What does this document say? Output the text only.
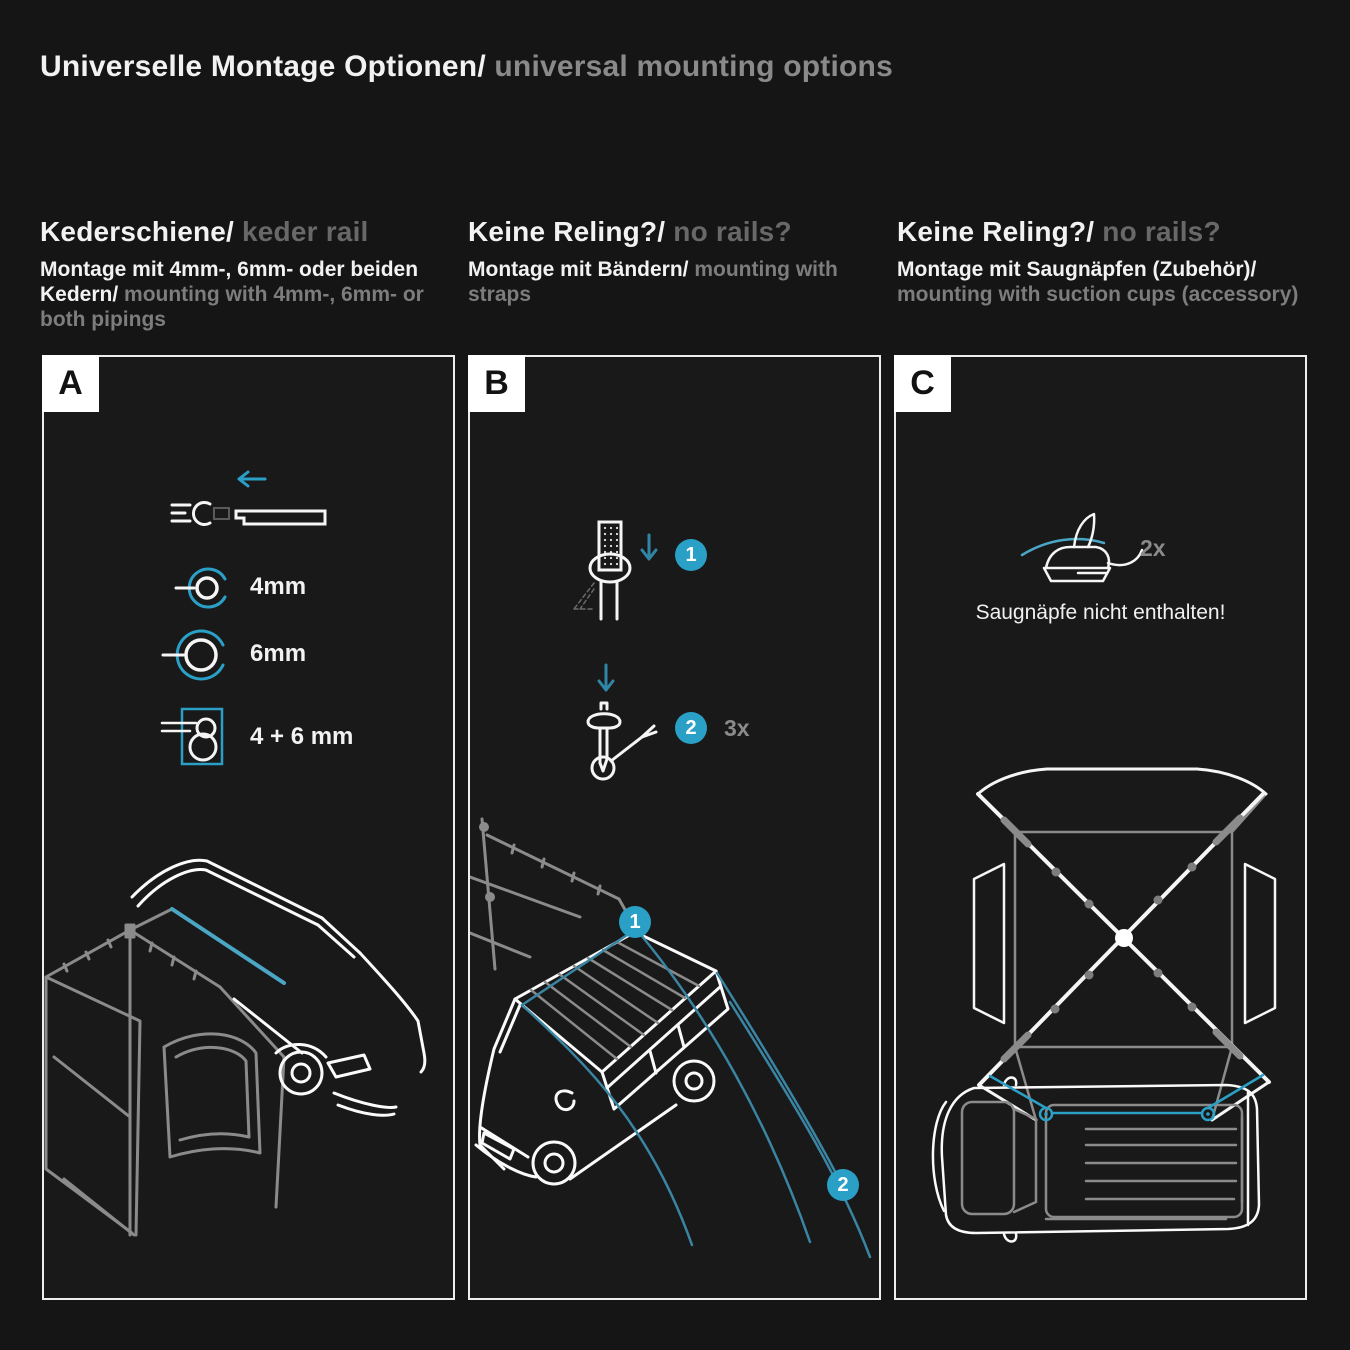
Universelle Montage Optionen/ universal mounting options
Kederschiene/ keder rail
Montage mit 4mm-, 6mm- oder beiden Kedern/ mounting with 4mm-, 6mm- or both pipings
Keine Reling?/ no rails?
Montage mit Bändern/ mounting with straps
Keine Reling?/ no rails?
Montage mit Saugnäpfen (Zubehör)/ mounting with suction cups (accessory)
A
4mm
6mm
4 + 6 mm
B
1
2	3x
1
2
C
2x
Saugnäpfe nicht enthalten!
